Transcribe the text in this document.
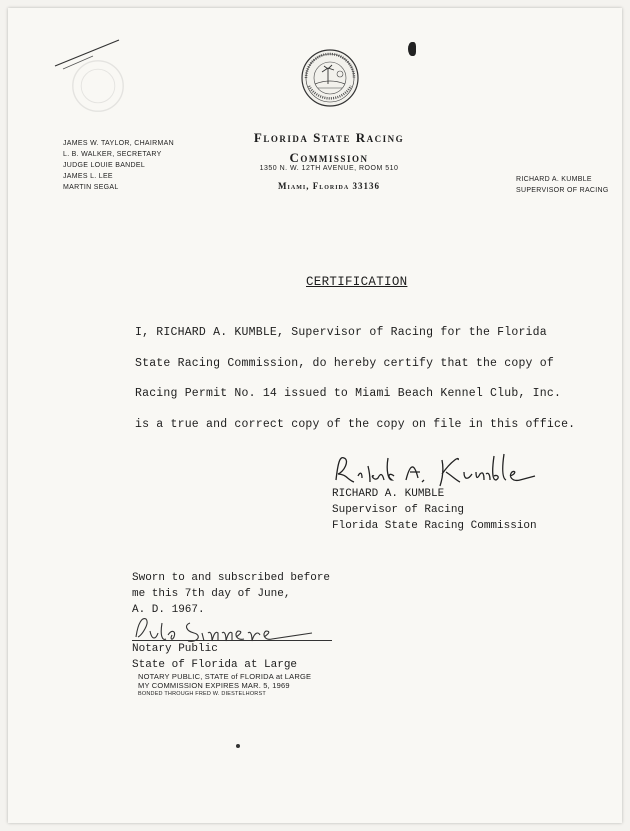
JAMES W. TAYLOR, CHAIRMAN
L. B. WALKER, SECRETARY
JUDGE LOUIE BANDEL
JAMES L. LEE
MARTIN SEGAL
Florida State Racing
Commission
1350 N. W. 12TH AVENUE, ROOM 510
Miami, Florida 33136
RICHARD A. KUMBLE
SUPERVISOR OF RACING
CERTIFICATION
I, RICHARD A. KUMBLE, Supervisor of Racing for the Florida
State Racing Commission, do hereby certify that the copy of
Racing Permit No. 14 issued to Miami Beach Kennel Club, Inc.
is a true and correct copy of the copy on file in this office.
RICHARD A. KUMBLE
Supervisor of Racing
Florida State Racing Commission
Sworn to and subscribed before
me this 7th day of June,
A. D. 1967.
Notary Public
State of Florida at Large
NOTARY PUBLIC, STATE of FLORIDA at LARGE
MY COMMISSION EXPIRES MAR. 5, 1969
BONDED THROUGH FRED W. DIESTELHORST
